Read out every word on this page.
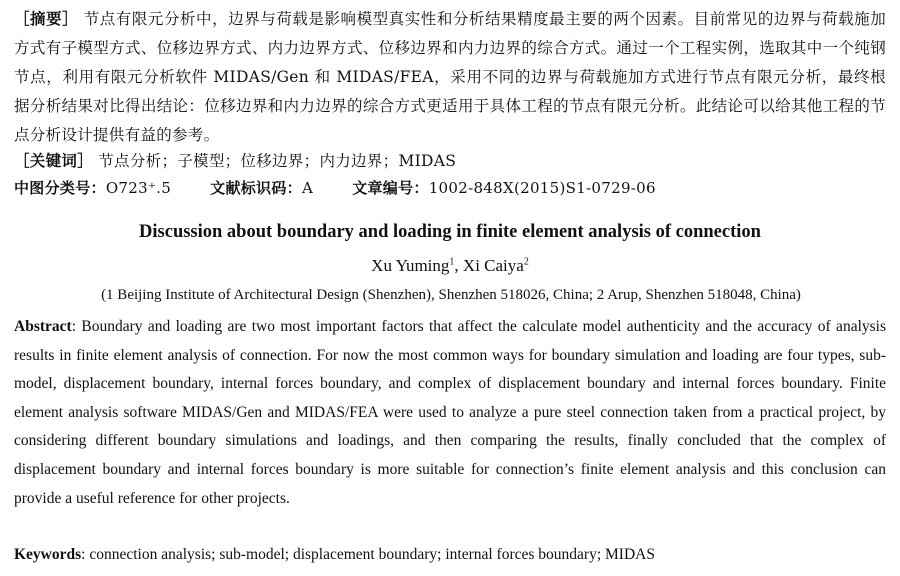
［摘要］ 节点有限元分析中，边界与荷载是影响模型真实性和分析结果精度最主要的两个因素。目前常见的边界与荷载施加方式有子模型方式、位移边界方式、内力边界方式、位移边界和内力边界的综合方式。通过一个工程实例，选取其中一个纯钢节点，利用有限元分析软件 MIDAS/Gen 和 MIDAS/FEA，采用不同的边界与荷载施加方式进行节点有限元分析，最终根据分析结果对比得出结论：位移边界和内力边界的综合方式更适用于具体工程的节点有限元分析。此结论可以给其他工程的节点分析设计提供有益的参考。
［关键词］ 节点分析；子模型；位移边界；内力边界；MIDAS
中图分类号：O723⁺.5	文献标识码：A	文章编号：1002-848X(2015)S1-0729-06
Discussion about boundary and loading in finite element analysis of connection
Xu Yuming$^1$, Xi Caiya$^2$
(1 Beijing Institute of Architectural Design (Shenzhen), Shenzhen 518026, China; 2 Arup, Shenzhen 518048, China)
Abstract: Boundary and loading are two most important factors that affect the calculate model authenticity and the accuracy of analysis results in finite element analysis of connection. For now the most common ways for boundary simulation and loading are four types, sub-model, displacement boundary, internal forces boundary, and complex of displacement boundary and internal forces boundary. Finite element analysis software MIDAS/Gen and MIDAS/FEA were used to analyze a pure steel connection taken from a practical project, by considering different boundary simulations and loadings, and then comparing the results, finally concluded that the complex of displacement boundary and internal forces boundary is more suitable for connection’s finite element analysis and this conclusion can provide a useful reference for other projects.
Keywords: connection analysis; sub-model; displacement boundary; internal forces boundary; MIDAS
